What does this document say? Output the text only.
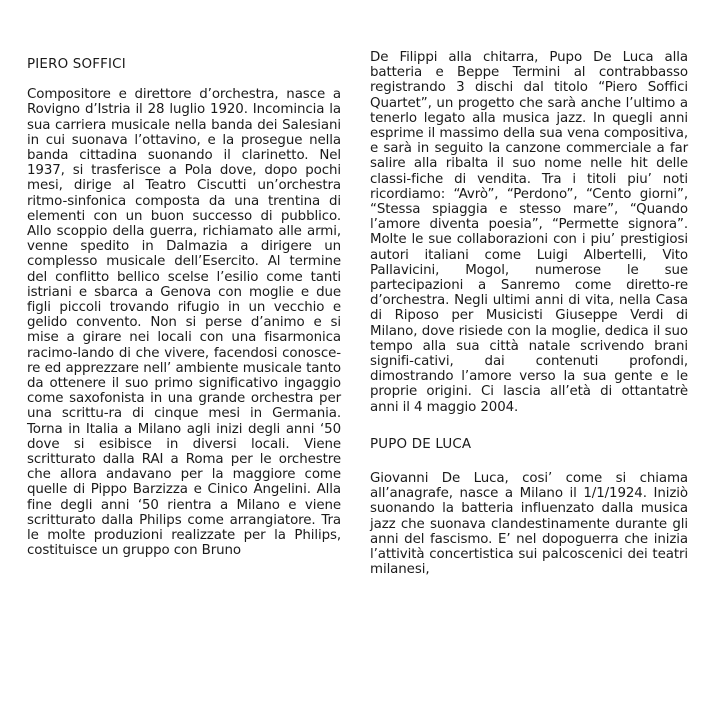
PIERO SOFFICI

Compositore e direttore d’orchestra, nasce a Rovigno d’Istria il 28 luglio 1920. Incomincia la sua carriera musicale nella banda dei Salesiani in cui suonava l’ottavino, e la prosegue nella banda cittadina suonando il clarinetto. Nel 1937, si trasferisce a Pola dove, dopo pochi mesi, dirige al Teatro Ciscutti un’orchestra ritmo-sinfonica composta da una trentina di elementi con un buon successo di pubblico. Allo scoppio della guerra, richiamato alle armi, venne spedito in Dalmazia a dirigere un complesso musicale dell’Esercito. Al termine del conflitto bellico scelse l’esilio come tanti istriani e sbarca a Genova con moglie e due figli piccoli trovando rifugio in un vecchio e gelido convento. Non si perse d’animo e si mise a girare nei locali con una fisarmonica racimo-lando di che vivere, facendosi conosce-re ed apprezzare nell’ ambiente musicale tanto da ottenere il suo primo significativo ingaggio come saxofonista in una grande orchestra per una scrittu-ra di cinque mesi in Germania. Torna in Italia a Milano agli inizi degli anni ‘50 dove si esibisce in diversi locali. Viene scritturato dalla RAI a Roma per le orchestre che allora andavano per la maggiore come quelle di Pippo Barzizza e Cinico Angelini. Alla fine degli anni ‘50 rientra a Milano e viene scritturato dalla Philips come arrangiatore. Tra le molte produzioni realizzate per la Philips, costituisce un gruppo con Bruno

De Filippi alla chitarra, Pupo De Luca alla batteria e Beppe Termini al contrabbasso registrando 3 dischi dal titolo “Piero Soffici Quartet”, un progetto che sarà anche l’ultimo a tenerlo legato alla musica jazz. In quegli anni esprime il massimo della sua vena compositiva, e sarà in seguito la canzone commerciale a far salire alla ribalta il suo nome nelle hit delle classi-fiche di vendita. Tra i titoli piu’ noti ricordiamo: “Avrò”, “Perdono”, “Cento giorni”, “Stessa spiaggia e stesso mare”, “Quando l’amore diventa poesia”, “Permette signora”. Molte le sue collaborazioni con i piu’ prestigiosi autori italiani come Luigi Albertelli, Vito Pallavicini, Mogol, numerose le sue partecipazioni a Sanremo come diretto-re d’orchestra. Negli ultimi anni di vita, nella Casa di Riposo per Musicisti Giuseppe Verdi di Milano, dove risiede con la moglie, dedica il suo tempo alla sua città natale scrivendo brani signifi-cativi, dai contenuti profondi, dimostrando l’amore verso la sua gente e le proprie origini. Ci lascia all’età di ottantatrè anni il 4 maggio 2004.

PUPO DE LUCA

Giovanni De Luca, cosi’ come si chiama all’anagrafe, nasce a Milano il 1/1/1924. Iniziò suonando la batteria influenzato dalla musica jazz che suonava clandestinamente durante gli anni del fascismo. E’ nel dopoguerra che inizia l’attività concertistica sui palcoscenici dei teatri milanesi,
